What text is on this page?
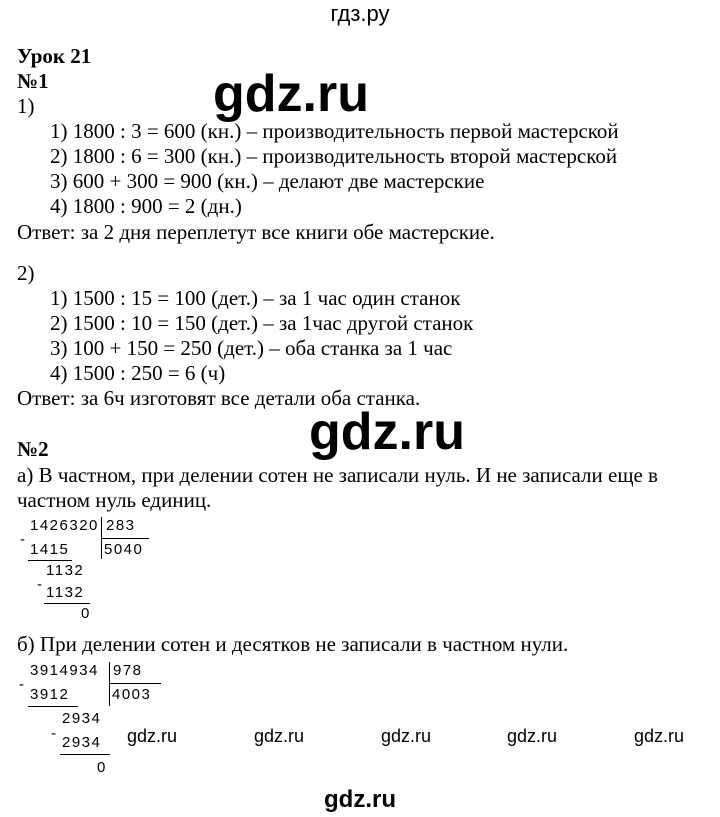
гдз.ру
gdz.ru
gdz.ru
Урок 21
№1
1)
1) 1800 : 3 = 600 (кн.) – производительность первой мастерской
2) 1800 : 6 = 300 (кн.) – производительность второй мастерской
3) 600 + 300 = 900 (кн.) – делают две мастерские
4) 1800 : 900 = 2 (дн.)
Ответ: за 2 дня переплетут все книги обе мастерские.
2)
1) 1500 : 15 = 100 (дет.) – за 1 час один станок
2) 1500 : 10 = 150 (дет.) – за 1час другой станок
3) 100 + 150 = 250 (дет.) – оба станка за 1 час
4) 1500 : 250 = 6 (ч)
Ответ: за 6ч изготовят все детали оба станка.
№2
а) В частном, при делении сотен не записали нуль. И не записали еще в
частном нуль единиц.
1426320 283
5040
-
1415
1132
- 1132
0
б) При делении сотен и десятков не записали в частном нули.
3914934 978
4003
-
3912
2934
-
2934
0
gdz.ru	gdz.ru	gdz.ru	gdz.ru	gdz.ru
gdz.ru
